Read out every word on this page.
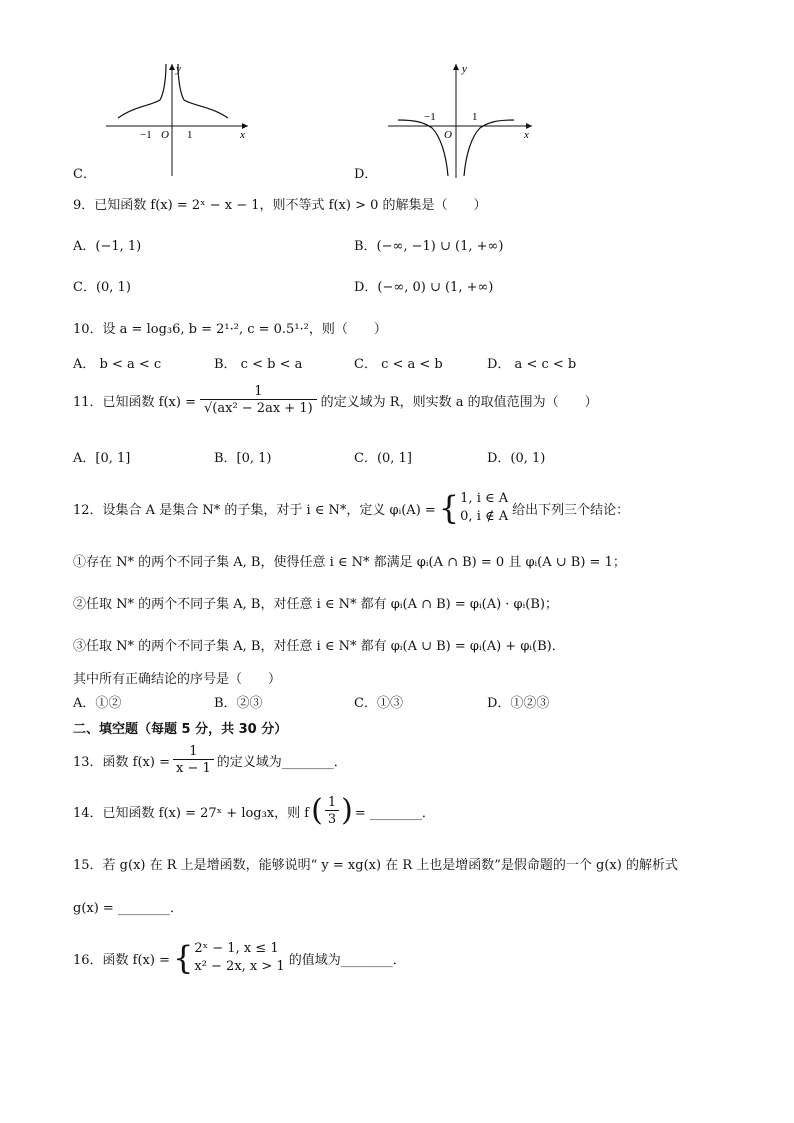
y
x
−1 O 1
C．
y
x
−1
O
1
D．
9．已知函数 f(x) = 2ˣ − x − 1，则不等式 f(x) > 0 的解集是（　　）
A．(−1, 1)	B．(−∞, −1) ∪ (1, +∞)
C．(0, 1)	D．(−∞, 0) ∪ (1, +∞)
10．设 a = log₃6, b = 2¹·², c = 0.5¹·²，则（　　）
A． b < a < c	B． c < b < a	C． c < a < b	D． a < c < b
11．已知函数 $f(x) = \frac{1}{\text{√(ax² − 2ax + 1)}}$ 的定义域为 R，则实数 a 的取值范围为（　　）
A．[0, 1]	B．[0, 1)	C．(0, 1]	D．(0, 1)
12．设集合 A 是集合 N* 的子集，对于 i ∈ N*，定义 φᵢ(A) = { 1, i ∈ A
0, i ∉ A 给出下列三个结论：
①存在 N* 的两个不同子集 A, B，使得任意 i ∈ N* 都满足 φᵢ(A ∩ B) = 0 且 φᵢ(A ∪ B) = 1；
②任取 N* 的两个不同子集 A, B，对任意 i ∈ N* 都有 φᵢ(A ∩ B) = φᵢ(A) · φᵢ(B)；
③任取 N* 的两个不同子集 A, B，对任意 i ∈ N* 都有 φᵢ(A ∪ B) = φᵢ(A) + φᵢ(B)．
其中所有正确结论的序号是（　　）
A．①②	B．②③	C．①③	D．①②③
二、填空题（每题 5 分，共 30 分）
13．函数 $f(x) = \frac{1}{x - 1}$ 的定义域为________．
14．已知函数 f(x) = 27ˣ + log₃x，则 f ( $\frac{1}{3}$ ) = ________．
15．若 g(x) 在 R 上是增函数，能够说明“ y = xg(x) 在 R 上也是增函数”是假命题的一个 g(x) 的解析式
g(x) = ________．
16．函数 f(x) = { 2ˣ − 1, x ≤ 1
x² − 2x, x > 1 的值域为________．
